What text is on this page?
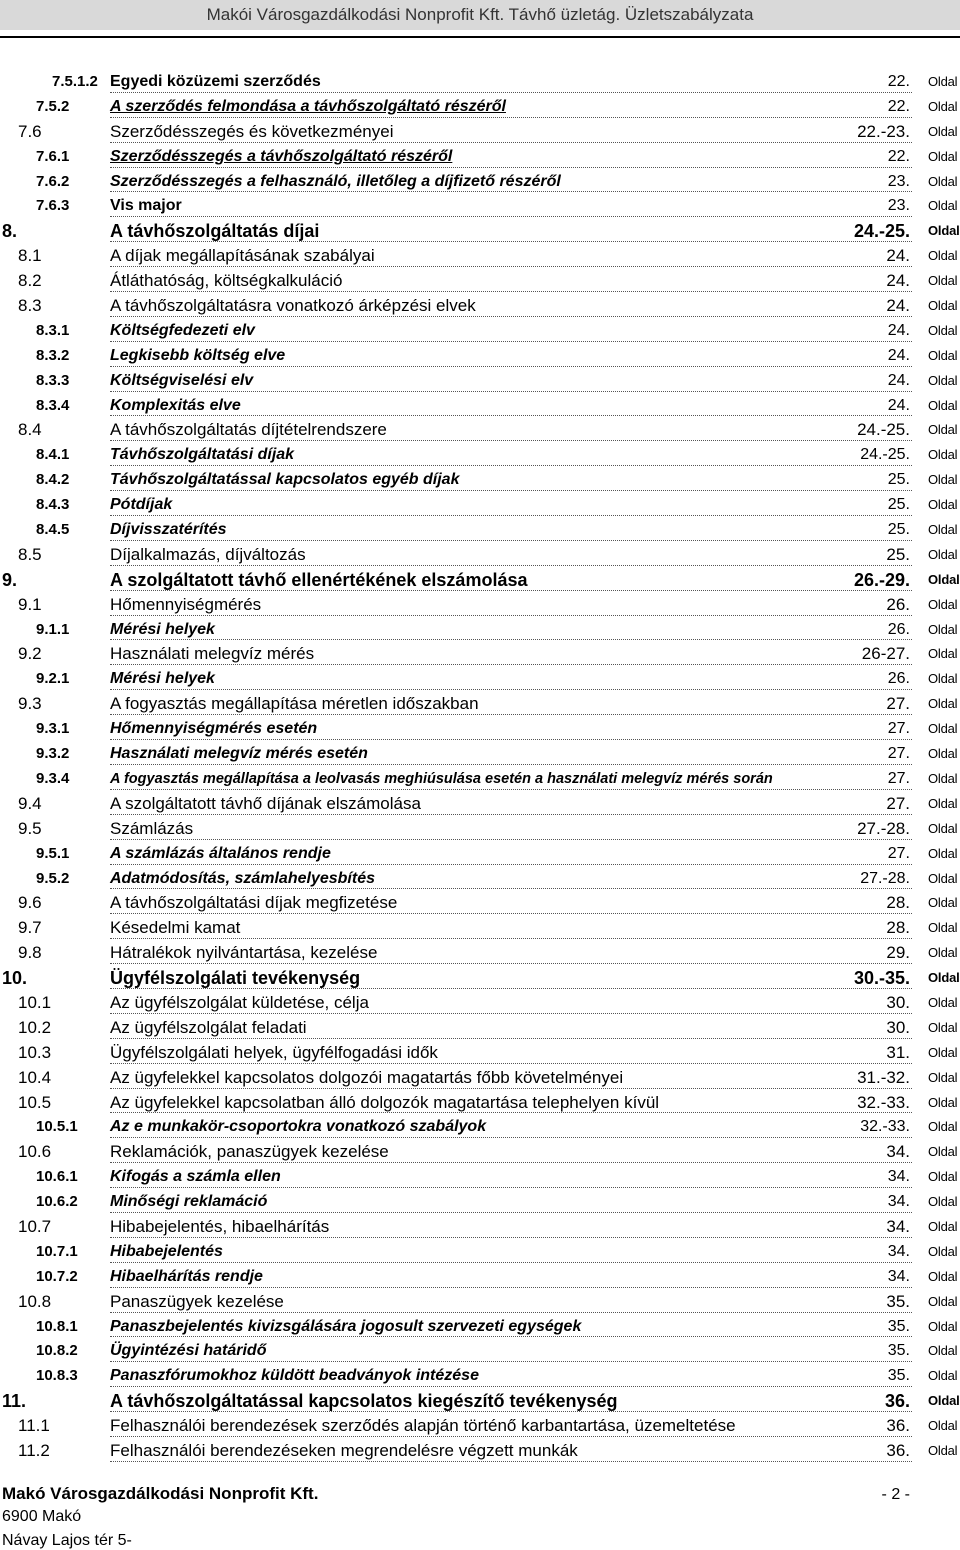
Makói Városgazdálkodási Nonprofit Kft. Távhő üzletág. Üzletszabályzata
7.5.1.2 Egyedi közüzemi szerződés	22. Oldal
7.5.2	A szerződés felmondása a távhőszolgáltató részéről	22. Oldal
7.6	Szerződésszegés és következményei	22.-23. Oldal
7.6.1	Szerződésszegés a távhőszolgáltató részéről	22. Oldal
7.6.2	Szerződésszegés a felhasználó, illetőleg a díjfizető részéről	23. Oldal
7.6.3	Vis major	23. Oldal
8.	A távhőszolgáltatás díjai	24.-25. Oldal
8.1	A díjak megállapításának szabályai	24. Oldal
8.2	Átláthatóság, költségkalkuláció	24. Oldal
8.3	A távhőszolgáltatásra vonatkozó árképzési elvek	24. Oldal
8.3.1	Költségfedezeti elv	24. Oldal
8.3.2	Legkisebb költség elve	24. Oldal
8.3.3	Költségviselési elv	24. Oldal
8.3.4	Komplexitás elve	24. Oldal
8.4	A távhőszolgáltatás díjtételrendszere	24.-25. Oldal
8.4.1	Távhőszolgáltatási díjak	24.-25. Oldal
8.4.2	Távhőszolgáltatással kapcsolatos egyéb díjak	25. Oldal
8.4.3	Pótdíjak	25. Oldal
8.4.5	Díjvisszatérítés	25. Oldal
8.5	Díjalkalmazás, díjváltozás	25. Oldal
9.	A szolgáltatott távhő ellenértékének elszámolása	26.-29. Oldal
9.1	Hőmennyiségmérés	26. Oldal
9.1.1	Mérési helyek	26. Oldal
9.2	Használati melegvíz mérés	26-27. Oldal
9.2.1	Mérési helyek	26. Oldal
9.3	A fogyasztás megállapítása méretlen időszakban	27. Oldal
9.3.1	Hőmennyiségmérés esetén	27. Oldal
9.3.2	Használati melegvíz mérés esetén	27. Oldal
9.3.4	A fogyasztás megállapítása a leolvasás meghiúsulása esetén a használati melegvíz mérés során	27. Oldal
9.4	A szolgáltatott távhő díjának elszámolása	27. Oldal
9.5	Számlázás	27.-28. Oldal
9.5.1	A számlázás általános rendje	27. Oldal
9.5.2	Adatmódosítás, számlahelyesbítés	27.-28. Oldal
9.6	A távhőszolgáltatási díjak megfizetése	28. Oldal
9.7	Késedelmi kamat	28. Oldal
9.8	Hátralékok nyilvántartása, kezelése	29. Oldal
10.	Ügyfélszolgálati tevékenység	30.-35. Oldal
10.1	Az ügyfélszolgálat küldetése, célja	30. Oldal
10.2	Az ügyfélszolgálat feladati	30. Oldal
10.3	Ügyfélszolgálati helyek, ügyfélfogadási idők	31. Oldal
10.4	Az ügyfelekkel kapcsolatos dolgozói magatartás főbb követelményei	31.-32. Oldal
10.5	Az ügyfelekkel kapcsolatban álló dolgozók magatartása telephelyen kívül	32.-33. Oldal
10.5.1 Az e munkakör-csoportokra vonatkozó szabályok	32.-33. Oldal
10.6	Reklamációk, panaszügyek kezelése	34. Oldal
10.6.1 Kifogás a számla ellen	34. Oldal
10.6.2 Minőségi reklamáció	34. Oldal
10.7	Hibabejelentés, hibaelhárítás	34. Oldal
10.7.1 Hibabejelentés	34. Oldal
10.7.2 Hibaelhárítás rendje	34. Oldal
10.8	Panaszügyek kezelése	35. Oldal
10.8.1 Panaszbejelentés kivizsgálására jogosult szervezeti egységek	35. Oldal
10.8.2 Ügyintézési határidő	35. Oldal
10.8.3 Panaszfórumokhoz küldött beadványok intézése	35. Oldal
11.	A távhőszolgáltatással kapcsolatos kiegészítő tevékenység	36. Oldal
11.1	Felhasználói berendezések szerződés alapján történő karbantartása, üzemeltetése	36. Oldal
11.2	Felhasználói berendezéseken megrendelésre végzett munkák	36. Oldal
Makó Városgazdálkodási Nonprofit Kft.
6900 Makó
Návay Lajos tér 5-
- 2 -
